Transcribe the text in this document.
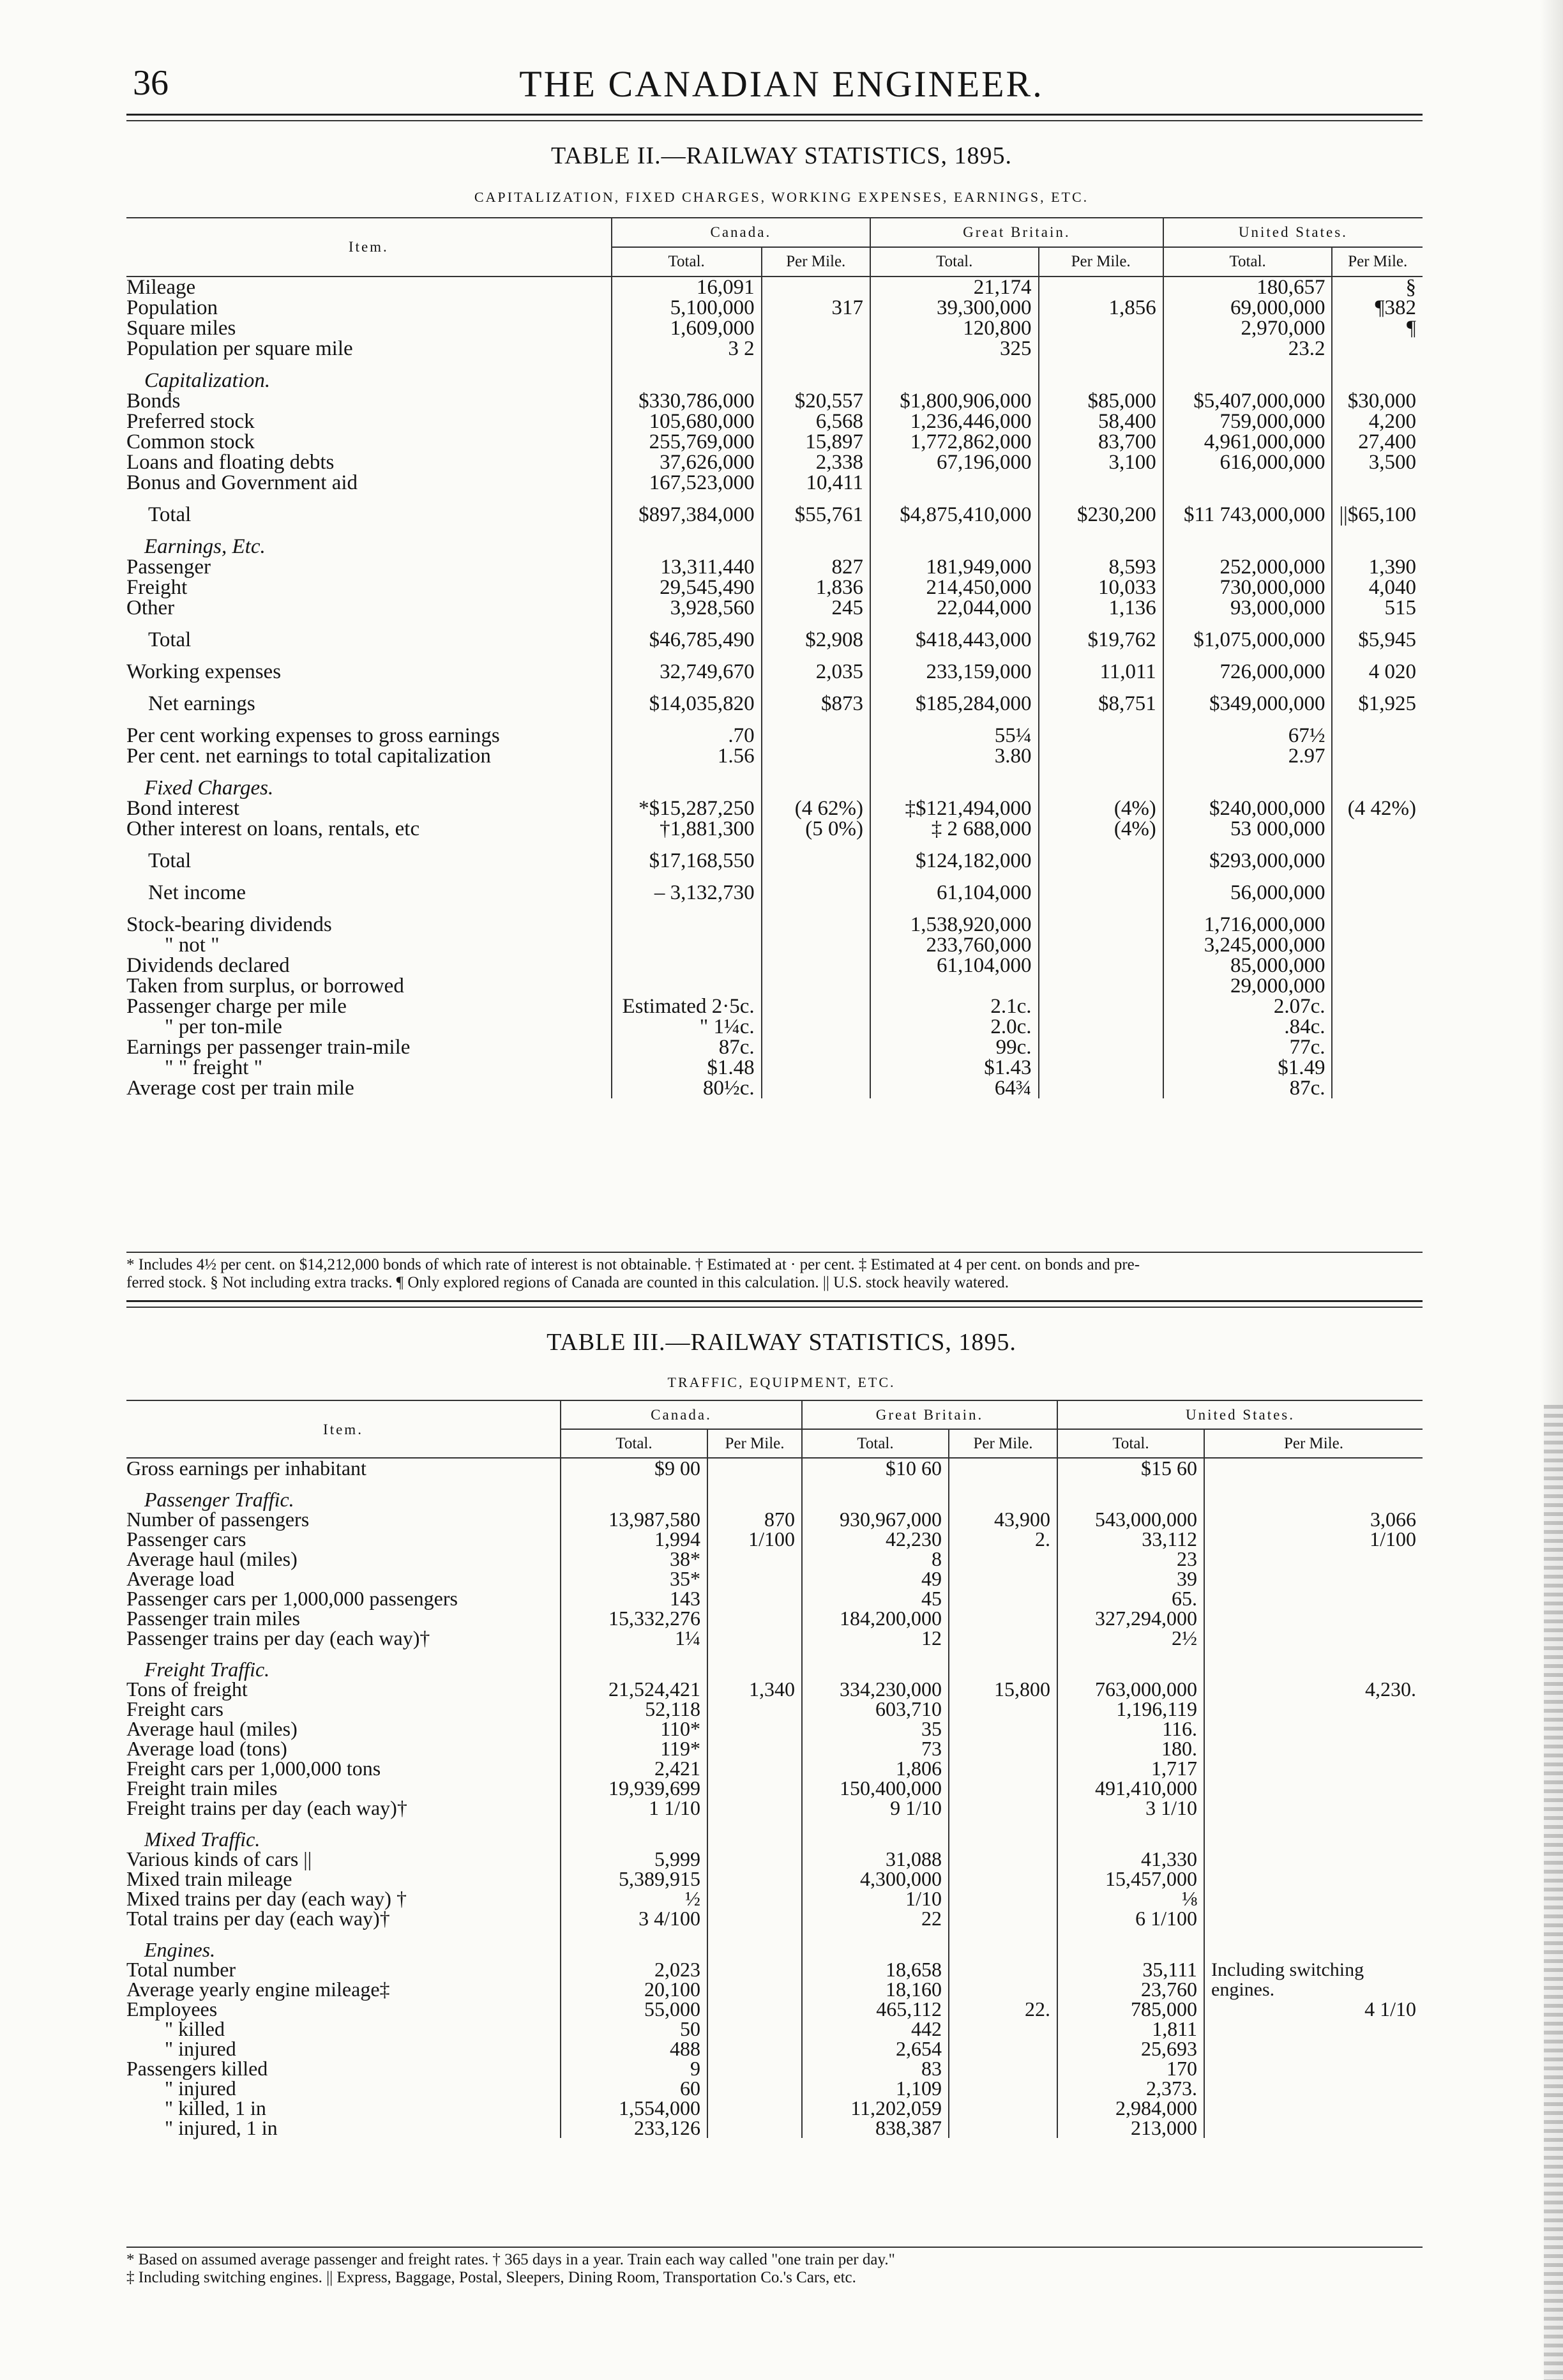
36	THE CANADIAN ENGINEER.
TABLE II.—RAILWAY STATISTICS, 1895.
CAPITALIZATION, FIXED CHARGES, WORKING EXPENSES, EARNINGS, ETC.
Item.	Canada.		Great Britain.		United States.	
	Total.	Per Mile.	Total.	Per Mile.	Total.	Per Mile.
Mileage	16,091		21,174		180,657	§
Population	5,100,000	317	39,300,000	1,856	69,000,000	¶382
Square miles	1,609,000		120,800		2,970,000	¶
Population per square mile	3 2		325		23.2	
Capitalization.						
Bonds	$330,786,000	$20,557	$1,800,906,000	$85,000	$5,407,000,000	$30,000
Preferred stock	105,680,000	6,568	1,236,446,000	58,400	759,000,000	4,200
Common stock	255,769,000	15,897	1,772,862,000	83,700	4,961,000,000	27,400
Loans and floating debts	37,626,000	2,338	67,196,000	3,100	616,000,000	3,500
Bonus and Government aid	167,523,000	10,411				
Total	$897,384,000	$55,761	$4,875,410,000	$230,200	$11 743,000,000	||$65,100
Earnings, Etc.						
Passenger	13,311,440	827	181,949,000	8,593	252,000,000	1,390
Freight	29,545,490	1,836	214,450,000	10,033	730,000,000	4,040
Other	3,928,560	245	22,044,000	1,136	93,000,000	515
Total	$46,785,490	$2,908	$418,443,000	$19,762	$1,075,000,000	$5,945
Working expenses	32,749,670	2,035	233,159,000	11,011	726,000,000	4 020
Net earnings	$14,035,820	$873	$185,284,000	$8,751	$349,000,000	$1,925
Per cent working expenses to gross earnings	.70		55¼		67½	
Per cent. net earnings to total capitalization	1.56		3.80		2.97	
Fixed Charges.						
Bond interest	*$15,287,250	(4 62%)	‡$121,494,000	(4%)	$240,000,000	(4 42%)
Other interest on loans, rentals, etc	†1,881,300	(5 0%)	‡ 2 688,000	(4%)	53 000,000	
Total	$17,168,550		$124,182,000		$293,000,000	
Net income	– 3,132,730		61,104,000		56,000,000	
Stock-bearing dividends			1,538,920,000		1,716,000,000	
" not "			233,760,000		3,245,000,000	
Dividends declared			61,104,000		85,000,000	
Taken from surplus, or borrowed					29,000,000	
Passenger charge per mile	Estimated 2·5c.		2.1c.		2.07c.	
" per ton-mile	" 1¼c.		2.0c.		.84c.	
Earnings per passenger train-mile	87c.		99c.		77c.	
" " freight "	$1.48		$1.43		$1.49	
Average cost per train mile	80½c.		64¾		87c.	
* Includes 4½ per cent. on $14,212,000 bonds of which rate of interest is not obtainable. † Estimated at · per cent. ‡ Estimated at 4 per cent. on bonds and pre-
ferred stock. § Not including extra tracks. ¶ Only explored regions of Canada are counted in this calculation. || U.S. stock heavily watered.
TABLE III.—RAILWAY STATISTICS, 1895.
TRAFFIC, EQUIPMENT, ETC.
Item.	Canada.		Great Britain.		United States.	
	Total.	Per Mile.	Total.	Per Mile.	Total.	Per Mile.
Gross earnings per inhabitant	$9 00		$10 60		$15 60	
Passenger Traffic.						
Number of passengers	13,987,580	870	930,967,000	43,900	543,000,000	3,066
Passenger cars	1,994	1/100	42,230	2.	33,112	1/100
Average haul (miles)	38*		8		23	
Average load	35*		49		39	
Passenger cars per 1,000,000 passengers	143		45		65.	
Passenger train miles	15,332,276		184,200,000		327,294,000	
Passenger trains per day (each way)†	1¼		12		2½	
Freight Traffic.						
Tons of freight	21,524,421	1,340	334,230,000	15,800	763,000,000	4,230.
Freight cars	52,118		603,710		1,196,119	
Average haul (miles)	110*		35		116.	
Average load (tons)	119*		73		180.	
Freight cars per 1,000,000 tons	2,421		1,806		1,717	
Freight train miles	19,939,699		150,400,000		491,410,000	
Freight trains per day (each way)†	1 1/10		9 1/10		3 1/10	
Mixed Traffic.						
Various kinds of cars ||	5,999		31,088		41,330	
Mixed train mileage	5,389,915		4,300,000		15,457,000	
Mixed trains per day (each way) †	½		1/10		⅛	
Total trains per day (each way)†	3 4/100		22		6 1/100	
Engines.						
Total number	2,023		18,658		35,111	Including switching
Average yearly engine mileage‡	20,100		18,160		23,760	engines.
Employees	55,000		465,112	22.	785,000	4 1/10
" killed	50		442		1,811	
" injured	488		2,654		25,693	
Passengers killed	9		83		170	
" injured	60		1,109		2,373.	
" killed, 1 in	1,554,000		11,202,059		2,984,000	
" injured, 1 in	233,126		838,387		213,000	
* Based on assumed average passenger and freight rates. † 365 days in a year. Train each way called "one train per day."
‡ Including switching engines. || Express, Baggage, Postal, Sleepers, Dining Room, Transportation Co.'s Cars, etc.
